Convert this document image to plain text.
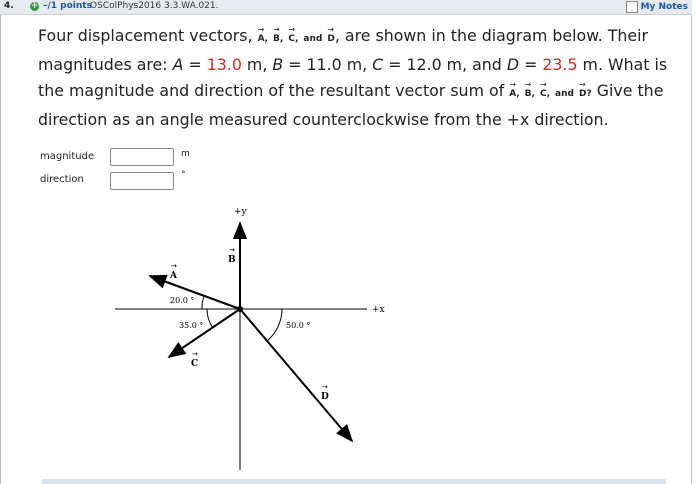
4. + –/1 points
OSColPhys2016 3.3.WA.021.	My Notes
Four displacement vectors, → A, → B, → C, and → D, are shown in the diagram below. Their magnitudes are: A = 13.0 m, B = 11.0 m, C = 12.0 m, and D = 23.5 m. What is the magnitude and direction of the resultant vector sum of → A, → B, → C, and → D? Give the direction as an angle measured counterclockwise from the +x direction.
magnitude	m
direction	°
+y
+x
B
→
A
→
C
→
D
→
20.0 °
35.0 °	50.0 °
